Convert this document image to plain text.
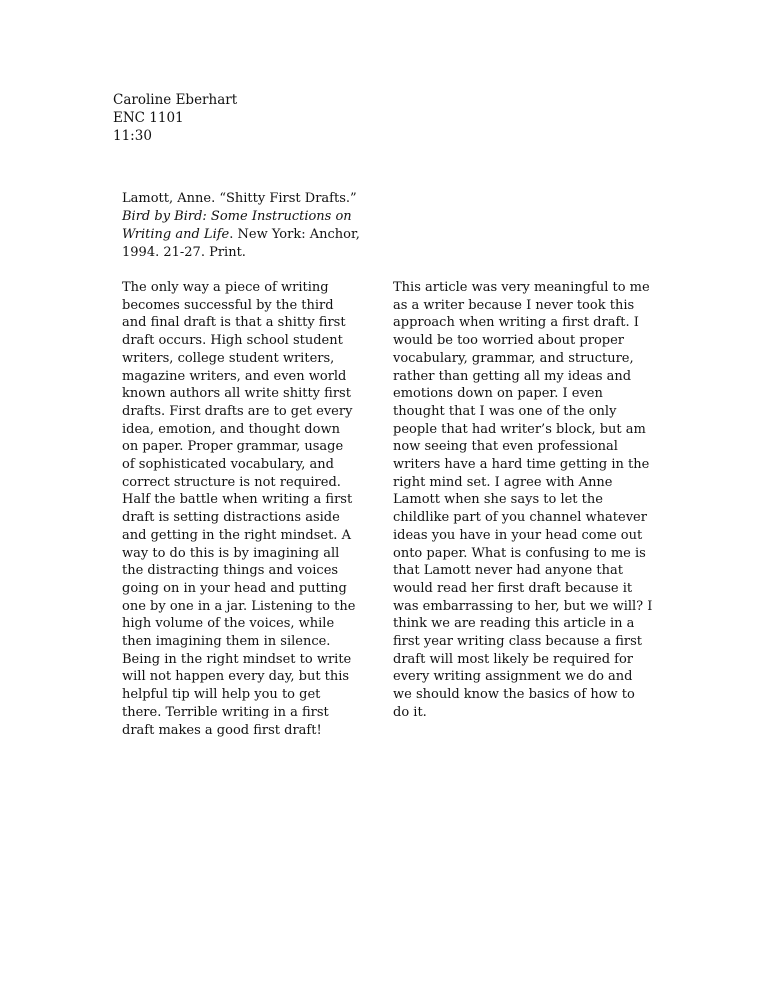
Caroline Eberhart
ENC 1101
11:30
Lamott, Anne. “Shitty First Drafts.”
Bird by Bird: Some Instructions on
Writing and Life. New York: Anchor,
1994. 21-27. Print.
The only way a piece of writing
becomes successful by the third
and final draft is that a shitty first
draft occurs. High school student
writers, college student writers,
magazine writers, and even world
known authors all write shitty first
drafts. First drafts are to get every
idea, emotion, and thought down
on paper. Proper grammar, usage
of sophisticated vocabulary, and
correct structure is not required.
Half the battle when writing a first
draft is setting distractions aside
and getting in the right mindset. A
way to do this is by imagining all
the distracting things and voices
going on in your head and putting
one by one in a jar. Listening to the
high volume of the voices, while
then imagining them in silence.
Being in the right mindset to write
will not happen every day, but this
helpful tip will help you to get
there. Terrible writing in a first
draft makes a good first draft!
This article was very meaningful to me
as a writer because I never took this
approach when writing a first draft. I
would be too worried about proper
vocabulary, grammar, and structure,
rather than getting all my ideas and
emotions down on paper. I even
thought that I was one of the only
people that had writer’s block, but am
now seeing that even professional
writers have a hard time getting in the
right mind set. I agree with Anne
Lamott when she says to let the
childlike part of you channel whatever
ideas you have in your head come out
onto paper. What is confusing to me is
that Lamott never had anyone that
would read her first draft because it
was embarrassing to her, but we will? I
think we are reading this article in a
first year writing class because a first
draft will most likely be required for
every writing assignment we do and
we should know the basics of how to
do it.
